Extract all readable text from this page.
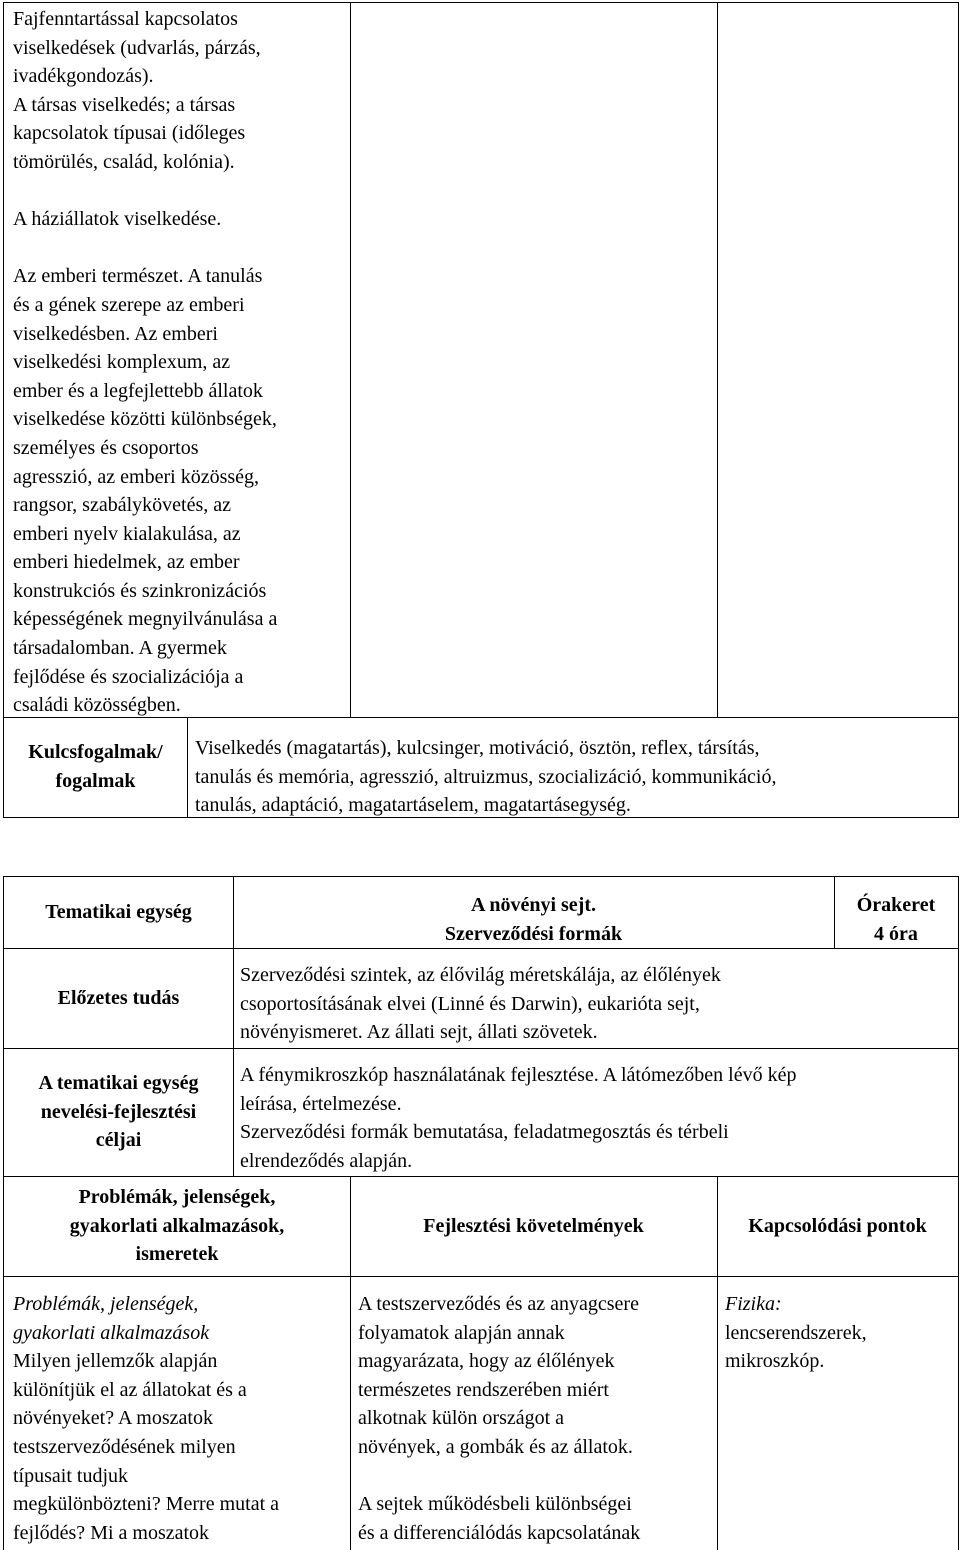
Fajfenntartással kapcsolatos
viselkedések (udvarlás, párzás,
ivadékgondozás).
A társas viselkedés; a társas
kapcsolatok típusai (időleges
tömörülés, család, kolónia).

A háziállatok viselkedése.

Az emberi természet. A tanulás
és a gének szerepe az emberi
viselkedésben. Az emberi
viselkedési komplexum, az
ember és a legfejlettebb állatok
viselkedése közötti különbségek,
személyes és csoportos
agresszió, az emberi közösség,
rangsor, szabálykövetés, az
emberi nyelv kialakulása, az
emberi hiedelmek, az ember
konstrukciós és szinkronizációs
képességének megnyilvánulása a
társadalomban. A gyermek
fejlődése és szocializációja a
családi közösségben.
Kulcsfogalmak/
fogalmak
Viselkedés (magatartás), kulcsinger, motiváció, ösztön, reflex, társítás,
tanulás és memória, agresszió, altruizmus, szocializáció, kommunikáció,
tanulás, adaptáció, magatartáselem, magatartásegység.
Tematikai egység	A növényi sejt.
Szerveződési formák
Órakeret
4 óra
Előzetes tudás
Szerveződési szintek, az élővilág méretskálája, az élőlények
csoportosításának elvei (Linné és Darwin), eukarióta sejt,
növényismeret. Az állati sejt, állati szövetek.
A tematikai egység
nevelési-fejlesztési
céljai
A fénymikroszkóp használatának fejlesztése. A látómezőben lévő kép
leírása, értelmezése.
Szerveződési formák bemutatása, feladatmegosztás és térbeli
elrendeződés alapján.
Problémák, jelenségek,
gyakorlati alkalmazások,
ismeretek
Fejlesztési követelmények	Kapcsolódási pontok
Problémák, jelenségek,
gyakorlati alkalmazások
Milyen jellemzők alapján
különítjük el az állatokat és a
növényeket? A moszatok
testszerveződésének milyen
típusait tudjuk
megkülönbözteni? Merre mutat a
fejlődés? Mi a moszatok
A testszerveződés és az anyagcsere
folyamatok alapján annak
magyarázata, hogy az élőlények
természetes rendszerében miért
alkotnak külön országot a
növények, a gombák és az állatok.

A sejtek működésbeli különbségei
és a differenciálódás kapcsolatának
Fizika:
lencserendszerek,
mikroszkóp.
